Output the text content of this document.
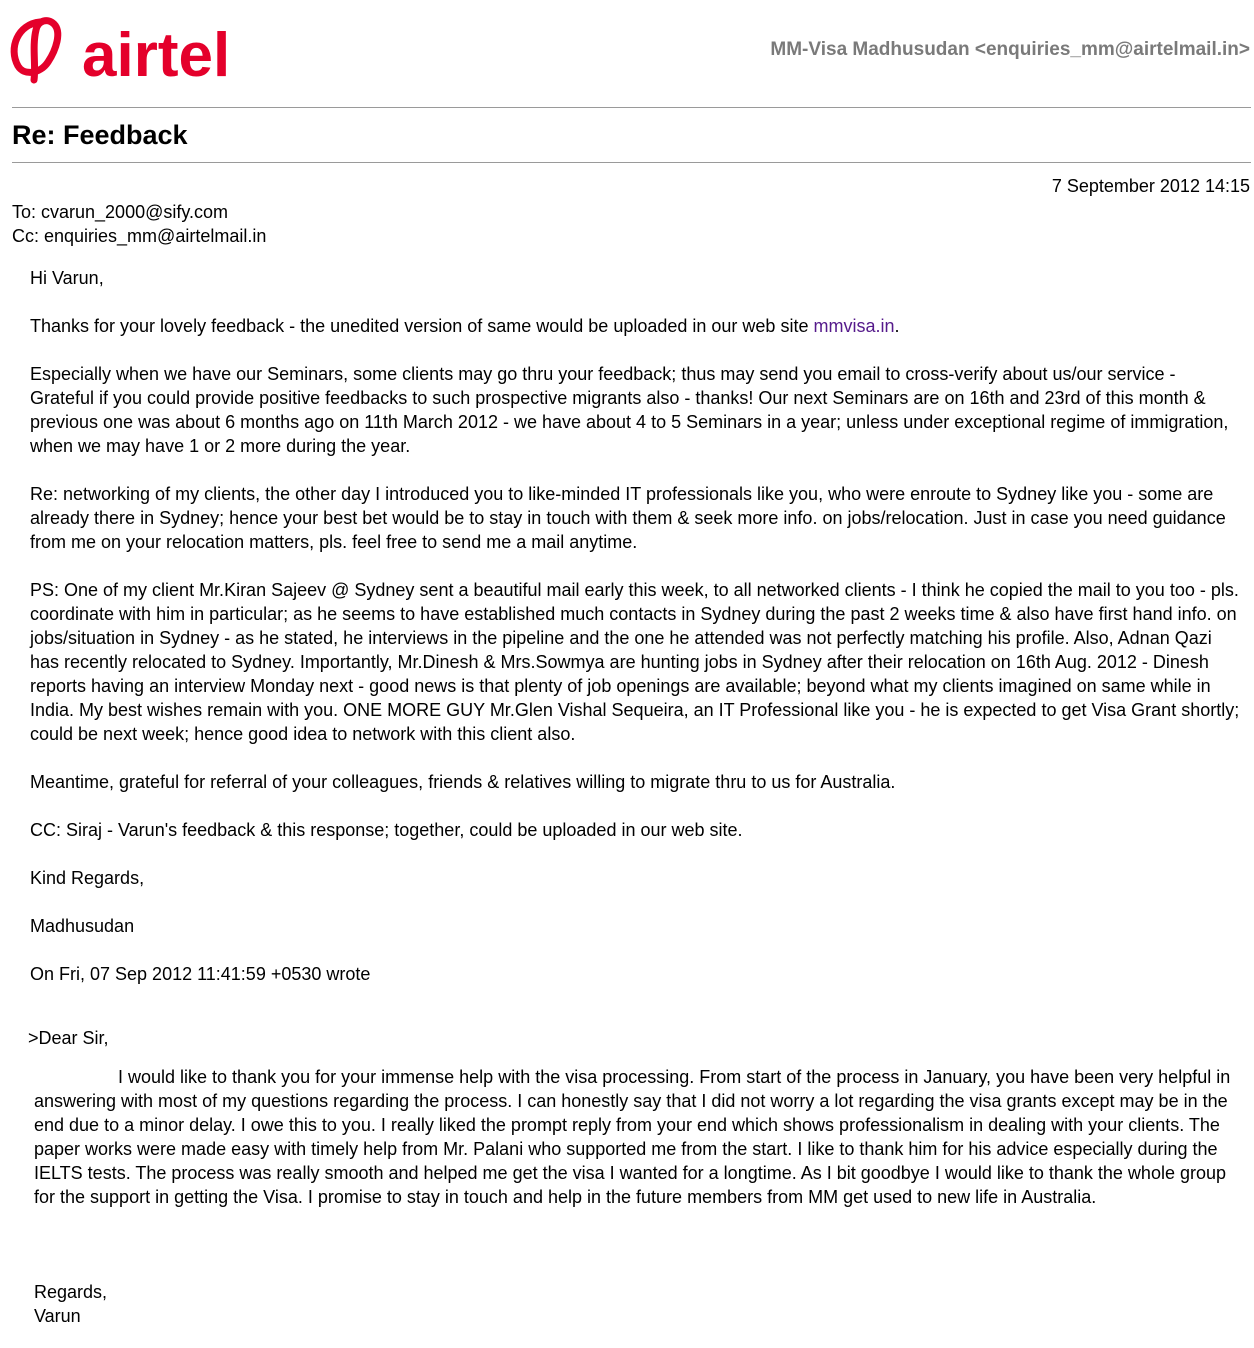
airtel	MM-Visa Madhusudan <enquiries_mm@airtelmail.in>
Re: Feedback
7 September 2012 14:15
To: cvarun_2000@sify.com
Cc: enquiries_mm@airtelmail.in

Hi Varun,

Thanks for your lovely feedback - the unedited version of same would be uploaded in our web site mmvisa.in.

Especially when we have our Seminars, some clients may go thru your feedback; thus may send you email to cross-verify about us/our service - Grateful if you could provide positive feedbacks to such prospective migrants also - thanks! Our next Seminars are on 16th and 23rd of this month & previous one was about 6 months ago on 11th March 2012 - we have about 4 to 5 Seminars in a year; unless under exceptional regime of immigration, when we may have 1 or 2 more during the year.

Re: networking of my clients, the other day I introduced you to like-minded IT professionals like you, who were enroute to Sydney like you - some are already there in Sydney; hence your best bet would be to stay in touch with them & seek more info. on jobs/relocation. Just in case you need guidance from me on your relocation matters, pls. feel free to send me a mail anytime.

PS: One of my client Mr.Kiran Sajeev @ Sydney sent a beautiful mail early this week, to all networked clients - I think he copied the mail to you too - pls. coordinate with him in particular; as he seems to have established much contacts in Sydney during the past 2 weeks time & also have first hand info. on jobs/situation in Sydney - as he stated, he interviews in the pipeline and the one he attended was not perfectly matching his profile. Also, Adnan Qazi has recently relocated to Sydney. Importantly, Mr.Dinesh & Mrs.Sowmya are hunting jobs in Sydney after their relocation on 16th Aug. 2012 - Dinesh reports having an interview Monday next - good news is that plenty of job openings are available; beyond what my clients imagined on same while in India. My best wishes remain with you. ONE MORE GUY Mr.Glen Vishal Sequeira, an IT Professional like you - he is expected to get Visa Grant shortly; could be next week; hence good idea to network with this client also.

Meantime, grateful for referral of your colleagues, friends & relatives willing to migrate thru to us for Australia.

CC: Siraj - Varun's feedback & this response; together, could be uploaded in our web site.

Kind Regards,

Madhusudan

On Fri, 07 Sep 2012 11:41:59 +0530 wrote

>Dear Sir,
I would like to thank you for your immense help with the visa processing. From start of the process in January, you have been very helpful in answering with most of my questions regarding the process. I can honestly say that I did not worry a lot regarding the visa grants except may be in the end due to a minor delay. I owe this to you. I really liked the prompt reply from your end which shows professionalism in dealing with your clients. The paper works were made easy with timely help from Mr. Palani who supported me from the start. I like to thank him for his advice especially during the IELTS tests. The process was really smooth and helped me get the visa I wanted for a longtime. As I bit goodbye I would like to thank the whole group for the support in getting the Visa. I promise to stay in touch and help in the future members from MM get used to new life in Australia.
Regards,
Varun
